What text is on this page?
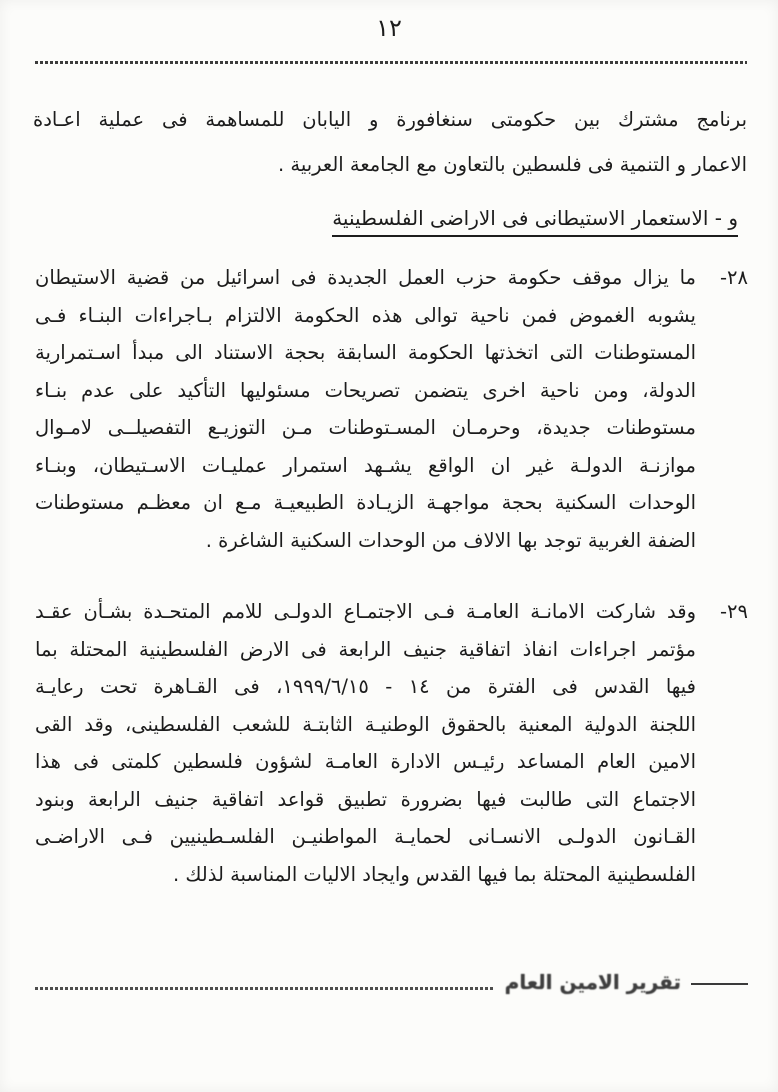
١٢
برنامج مشترك بين حكومتى سنغافورة و اليابان للمساهمة فى عملية اعـادة
الاعمار و التنمية فى فلسطين بالتعاون مع الجامعة العربية .
و - الاستعمار الاستيطانى فى الاراضى الفلسطينية
٢٨-
ما يزال موقف حكومة حزب العمل الجديدة فى اسرائيل من قضية الاستيطان
يشوبه الغموض فمن ناحية توالى هذه الحكومة الالتزام بـاجراءات البنـاء فـى
المستوطنات التى اتخذتها الحكومة السابقة بحجة الاستناد الى مبدأ اسـتمرارية
الدولة، ومن ناحية اخرى يتضمن تصريحات مسئوليها التأكيد على عدم بنـاء
مستوطنات جديدة، وحرمـان المسـتوطنات مـن التوزيـع التفصيلــى لامـوال
موازنـة الدولـة غير ان الواقع يشـهد استمرار عمليـات الاسـتيطان، وبنـاء
الوحدات السكنية بحجة مواجهـة الزيـادة الطبيعيـة مـع ان معظـم مستوطنات
الضفة الغربية توجد بها الالاف من الوحدات السكنية الشاغرة .
٢٩-
وقد شاركت الامانـة العامـة فـى الاجتمـاع الدولـى للامم المتحـدة بشـأن عقـد
مؤتمر اجراءات انفاذ اتفاقية جنيف الرابعة فى الارض الفلسطينية المحتلة بما
فيها القدس فى الفترة من ١٤ - ١٩٩٩/٦/١٥، فى القـاهرة تحت رعايـة
اللجنة الدولية المعنية بالحقوق الوطنيـة الثابتـة للشعب الفلسطينى، وقد القى
الامين العام المساعد رئيـس الادارة العامـة لشؤون فلسطين كلمتى فى هذا
الاجتماع التى طالبت فيها بضرورة تطبيق قواعد اتفاقية جنيف الرابعة وبنود
القـانون الدولـى الانسـانى لحمايـة المواطنيـن الفلسـطينيين فـى الاراضـى
الفلسطينية المحتلة بما فيها القدس وايجاد الاليات المناسبة لذلك .
تقرير الامين العام
